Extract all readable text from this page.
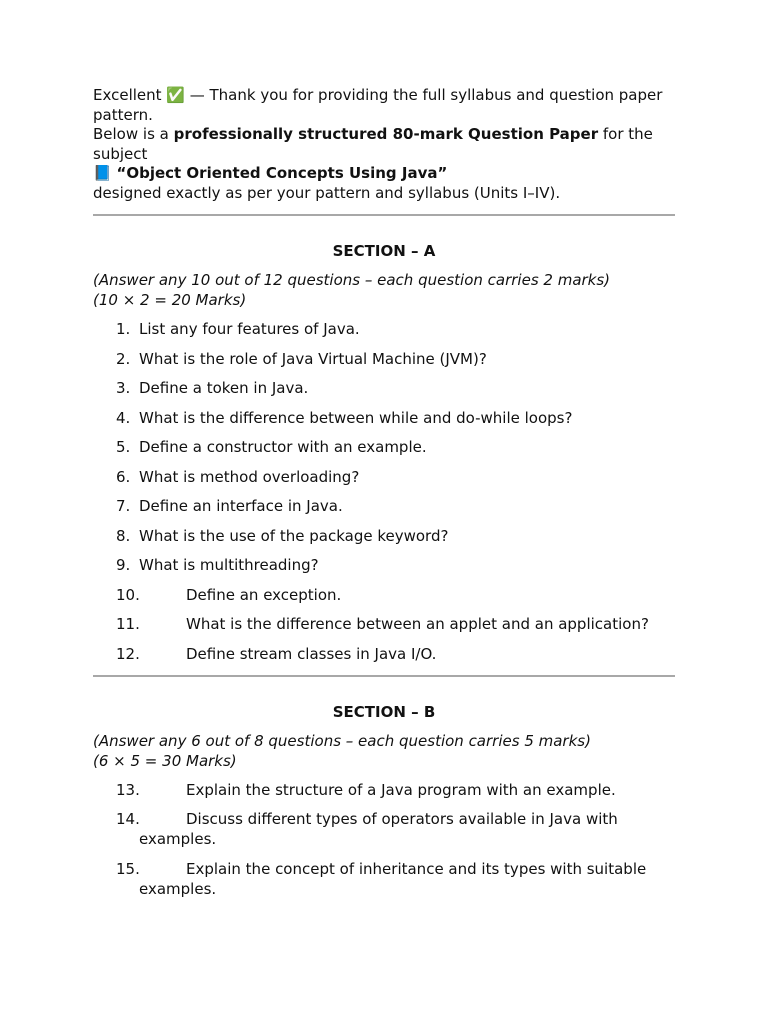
Excellent ✅ — Thank you for providing the full syllabus and question paper

pattern.

Below is a professionally structured 80-mark Question Paper for the

subject

📘 “Object Oriented Concepts Using Java”

designed exactly as per your pattern and syllabus (Units I–IV).

SECTION – A

(Answer any 10 out of 12 questions – each question carries 2 marks)

(10 × 2 = 20 Marks)

1. List any four features of Java.
2. What is the role of Java Virtual Machine (JVM)?
3. Define a token in Java.
4. What is the difference between while and do-while loops?
5. Define a constructor with an example.
6. What is method overloading?
7. Define an interface in Java.
8. What is the use of the package keyword?
9. What is multithreading?
10.	Define an exception.
11.	What is the difference between an applet and an application?
12.	Define stream classes in Java I/O.

SECTION – B

(Answer any 6 out of 8 questions – each question carries 5 marks)

(6 × 5 = 30 Marks)

13.	Explain the structure of a Java program with an example.
14.	Discuss different types of operators available in Java with
examples.
15.	Explain the concept of inheritance and its types with suitable
examples.
